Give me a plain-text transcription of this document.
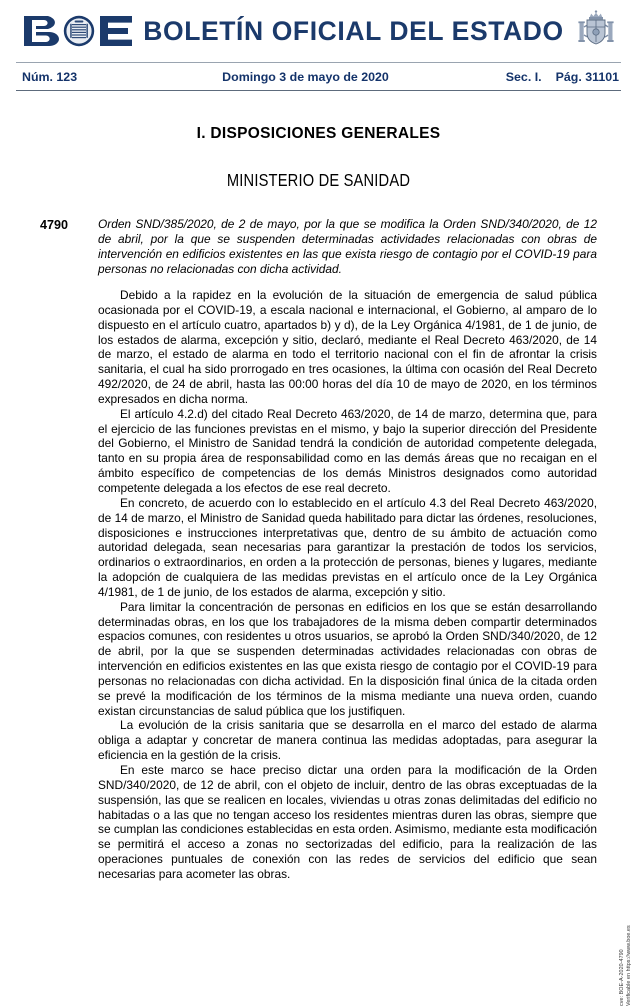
BOLETÍN OFICIAL DEL ESTADO
Núm. 123	Domingo 3 de mayo de 2020	Sec. I. Pág. 31101
I. DISPOSICIONES GENERALES
MINISTERIO DE SANIDAD
4790	Orden SND/385/2020, de 2 de mayo, por la que se modifica la Orden SND/340/2020, de 12 de abril, por la que se suspenden determinadas actividades relacionadas con obras de intervención en edificios existentes en las que exista riesgo de contagio por el COVID-19 para personas no relacionadas con dicha actividad.

Debido a la rapidez en la evolución de la situación de emergencia de salud pública ocasionada por el COVID-19, a escala nacional e internacional, el Gobierno, al amparo de lo dispuesto en el artículo cuatro, apartados b) y d), de la Ley Orgánica 4/1981, de 1 de junio, de los estados de alarma, excepción y sitio, declaró, mediante el Real Decreto 463/2020, de 14 de marzo, el estado de alarma en todo el territorio nacional con el fin de afrontar la crisis sanitaria, el cual ha sido prorrogado en tres ocasiones, la última con ocasión del Real Decreto 492/2020, de 24 de abril, hasta las 00:00 horas del día 10 de mayo de 2020, en los términos expresados en dicha norma.

El artículo 4.2.d) del citado Real Decreto 463/2020, de 14 de marzo, determina que, para el ejercicio de las funciones previstas en el mismo, y bajo la superior dirección del Presidente del Gobierno, el Ministro de Sanidad tendrá la condición de autoridad competente delegada, tanto en su propia área de responsabilidad como en las demás áreas que no recaigan en el ámbito específico de competencias de los demás Ministros designados como autoridad competente delegada a los efectos de ese real decreto.

En concreto, de acuerdo con lo establecido en el artículo 4.3 del Real Decreto 463/2020, de 14 de marzo, el Ministro de Sanidad queda habilitado para dictar las órdenes, resoluciones, disposiciones e instrucciones interpretativas que, dentro de su ámbito de actuación como autoridad delegada, sean necesarias para garantizar la prestación de todos los servicios, ordinarios o extraordinarios, en orden a la protección de personas, bienes y lugares, mediante la adopción de cualquiera de las medidas previstas en el artículo once de la Ley Orgánica 4/1981, de 1 de junio, de los estados de alarma, excepción y sitio.

Para limitar la concentración de personas en edificios en los que se están desarrollando determinadas obras, en los que los trabajadores de la misma deben compartir determinados espacios comunes, con residentes u otros usuarios, se aprobó la Orden SND/340/2020, de 12 de abril, por la que se suspenden determinadas actividades relacionadas con obras de intervención en edificios existentes en las que exista riesgo de contagio por el COVID-19 para personas no relacionadas con dicha actividad. En la disposición final única de la citada orden se prevé la modificación de los términos de la misma mediante una nueva orden, cuando existan circunstancias de salud pública que los justifiquen.

La evolución de la crisis sanitaria que se desarrolla en el marco del estado de alarma obliga a adaptar y concretar de manera continua las medidas adoptadas, para asegurar la eficiencia en la gestión de la crisis.

En este marco se hace preciso dictar una orden para la modificación de la Orden SND/340/2020, de 12 de abril, con el objeto de incluir, dentro de las obras exceptuadas de la suspensión, las que se realicen en locales, viviendas u otras zonas delimitadas del edificio no habitadas o a las que no tengan acceso los residentes mientras duren las obras, siempre que se cumplan las condiciones establecidas en esta orden. Asimismo, mediante esta modificación se permitirá el acceso a zonas no sectorizadas del edificio, para la realización de las operaciones puntuales de conexión con las redes de servicios del edificio que sean necesarias para acometer las obras.

cve: BOE-A-2020-4790 Verificable en https://www.boe.es
